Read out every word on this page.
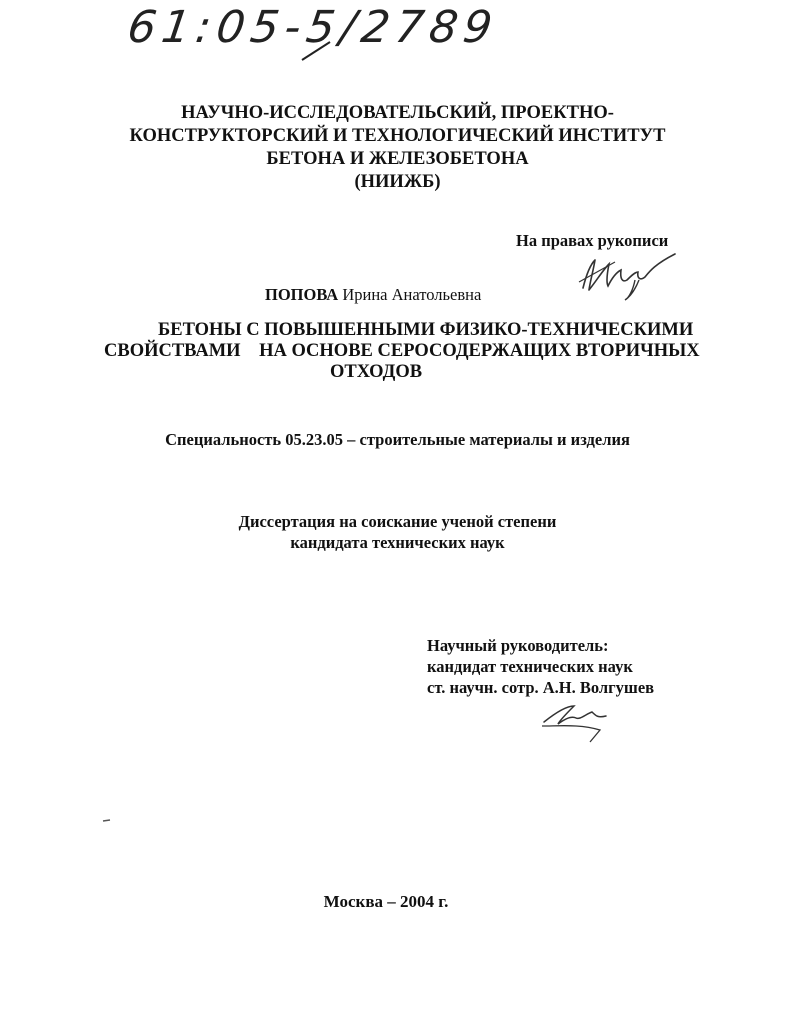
61:05-5/2789
НАУЧНО-ИССЛЕДОВАТЕЛЬСКИЙ, ПРОЕКТНО-
КОНСТРУКТОРСКИЙ И ТЕХНОЛОГИЧЕСКИЙ ИНСТИТУТ
БЕТОНА И ЖЕЛЕЗОБЕТОНА
(НИИЖБ)
На правах рукописи
ПОПОВА Ирина Анатольевна
БЕТОНЫ С ПОВЫШЕННЫМИ ФИЗИКО-ТЕХНИЧЕСКИМИ
СВОЙСТВАМИ    НА ОСНОВЕ СЕРОСОДЕРЖАЩИХ ВТОРИЧНЫХ
ОТХОДОВ
Специальность 05.23.05 – строительные материалы и изделия
Диссертация на соискание ученой степени
кандидата технических наук
Научный руководитель:
кандидат технических наук
ст. научн. сотр. А.Н. Волгушев
Москва – 2004 г.
